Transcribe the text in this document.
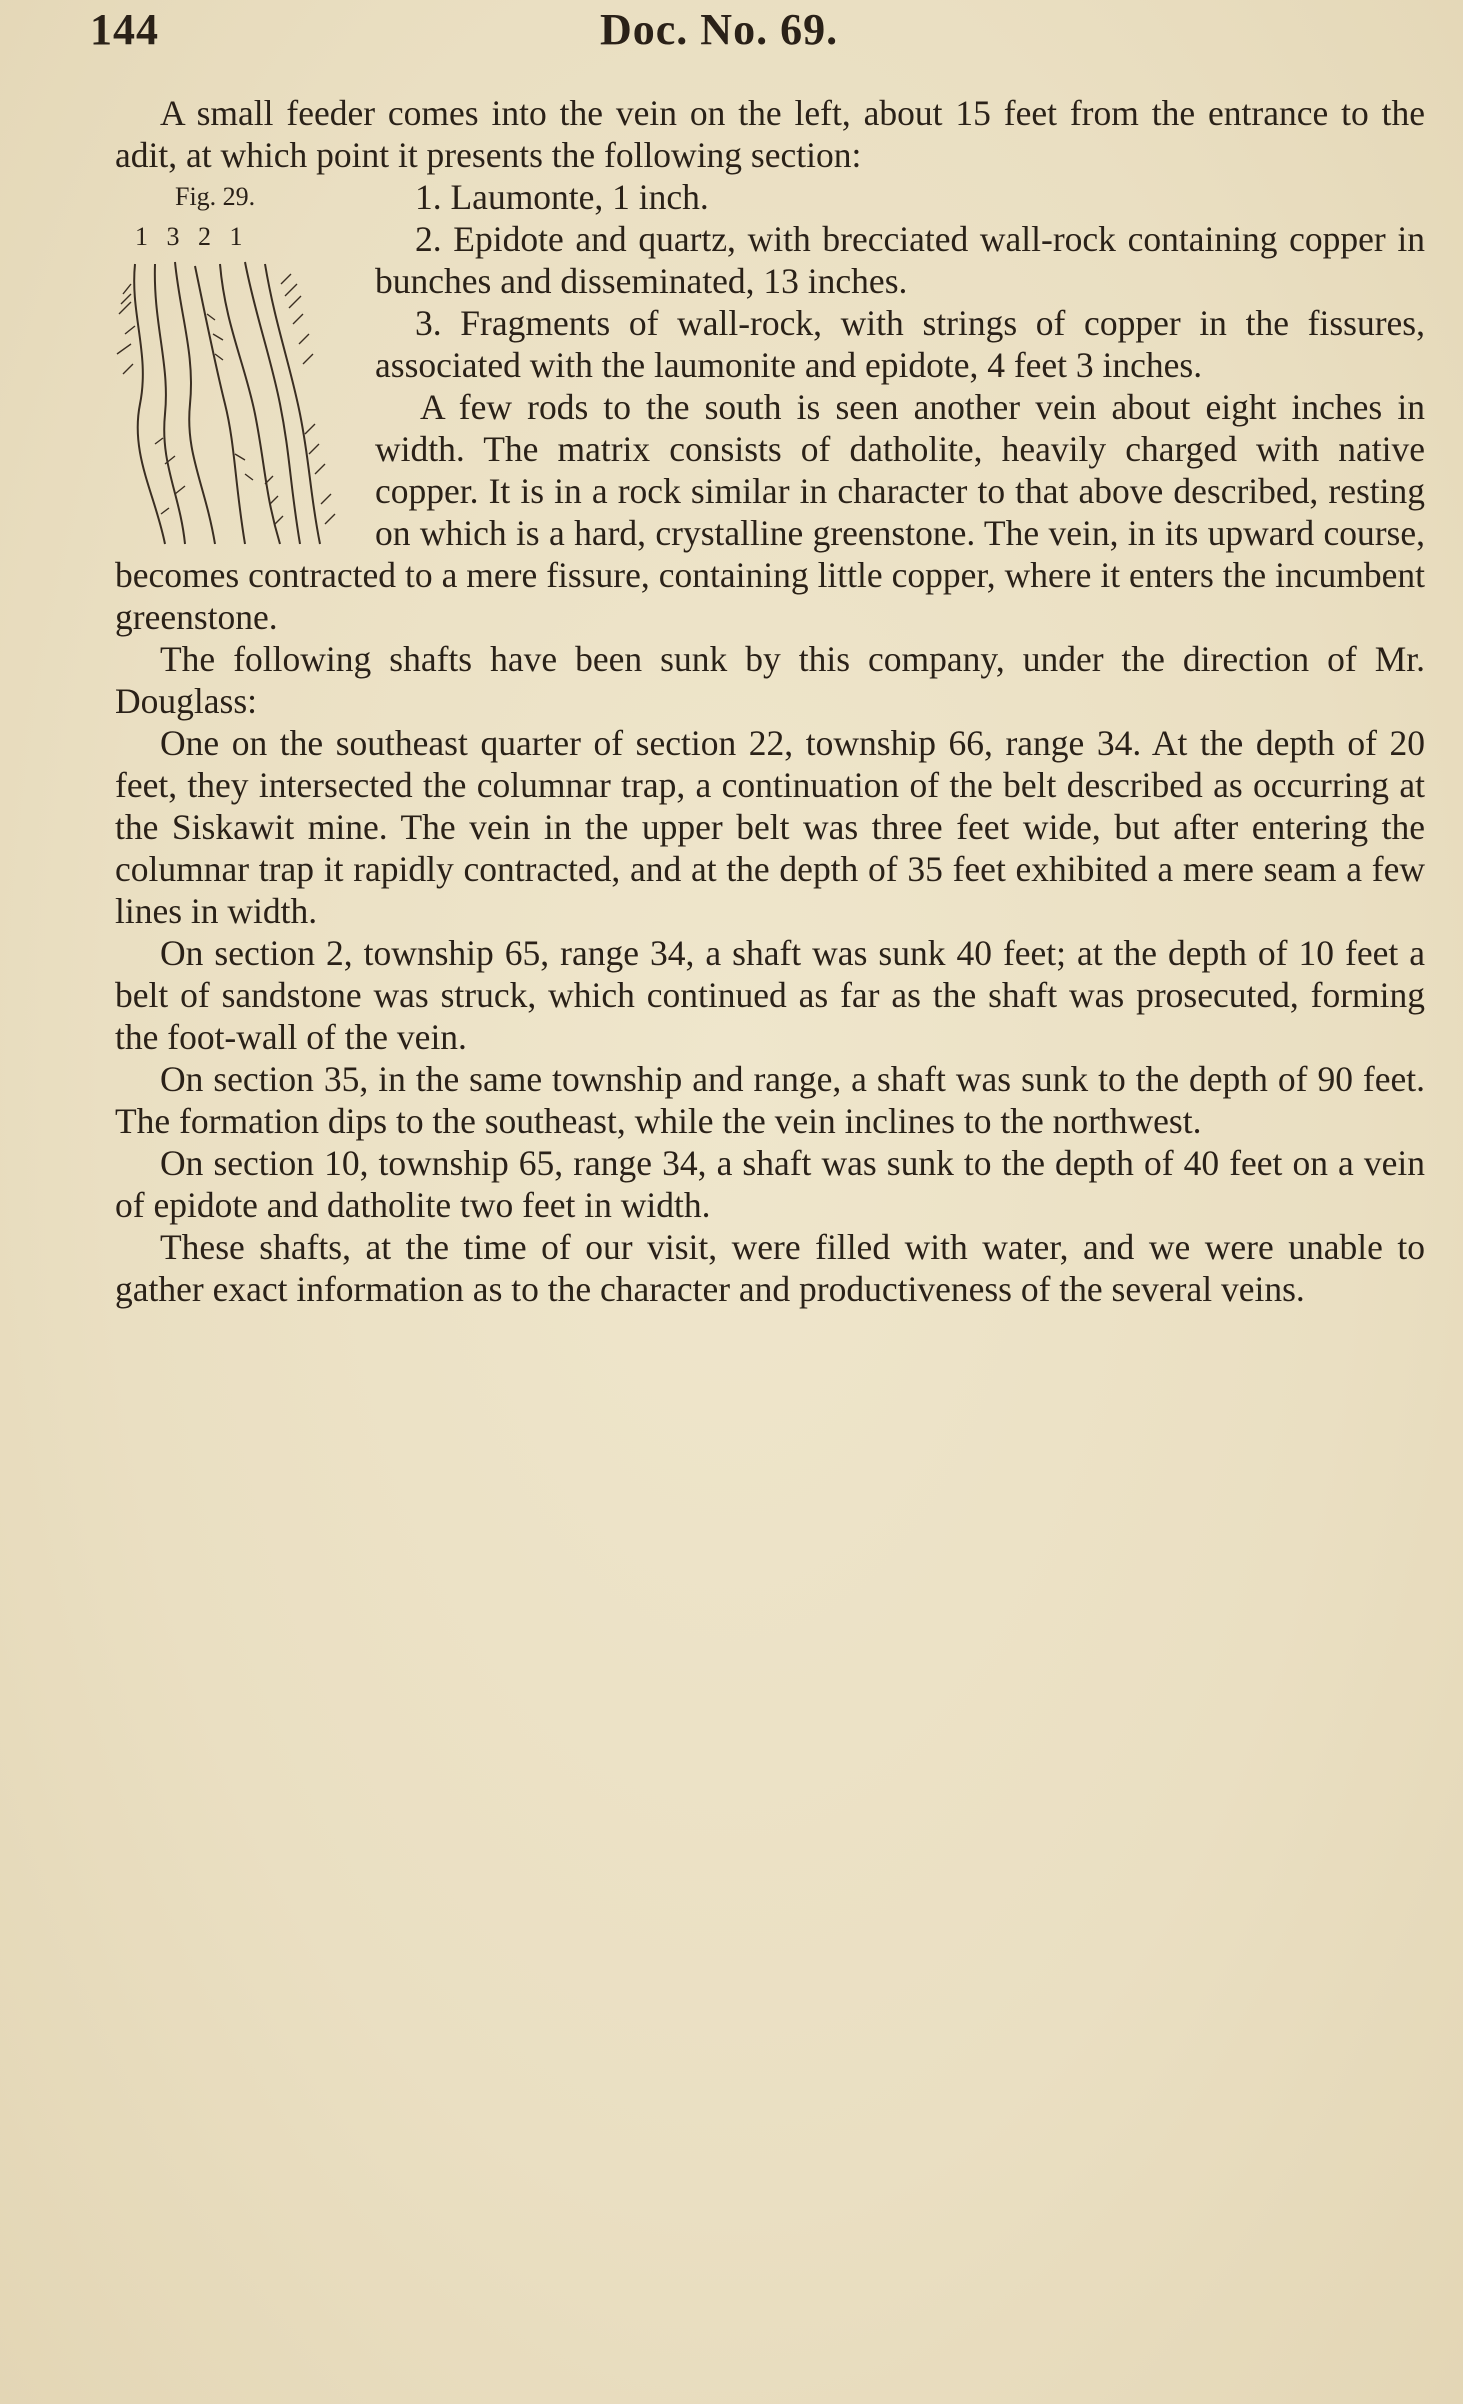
144	Doc. No. 69.

A small feeder comes into the vein on the left, about 15 feet from the entrance to the adit, at which point it presents the following section:

Fig. 29.
1 3 2 1

1. Laumonte, 1 inch.

2. Epidote and quartz, with brecciated wall-rock containing copper in bunches and disseminated, 13 inches.

3. Fragments of wall-rock, with strings of copper in the fissures, associated with the laumonite and epidote, 4 feet 3 inches.

A few rods to the south is seen another vein about eight inches in width. The matrix consists of datholite, heavily charged with native copper. It is in a rock similar in character to that above described, resting on which is a hard, crystalline greenstone. The vein, in its upward course, becomes contracted to a mere fissure, containing little copper, where it enters the incumbent greenstone.

The following shafts have been sunk by this company, under the direction of Mr. Douglass:

One on the southeast quarter of section 22, township 66, range 34. At the depth of 20 feet, they intersected the columnar trap, a continuation of the belt described as occurring at the Siskawit mine. The vein in the upper belt was three feet wide, but after entering the columnar trap it rapidly contracted, and at the depth of 35 feet exhibited a mere seam a few lines in width.

On section 2, township 65, range 34, a shaft was sunk 40 feet; at the depth of 10 feet a belt of sandstone was struck, which continued as far as the shaft was prosecuted, forming the foot-wall of the vein.

On section 35, in the same township and range, a shaft was sunk to the depth of 90 feet. The formation dips to the southeast, while the vein inclines to the northwest.

On section 10, township 65, range 34, a shaft was sunk to the depth of 40 feet on a vein of epidote and datholite two feet in width.

These shafts, at the time of our visit, were filled with water, and we were unable to gather exact information as to the character and productiveness of the several veins.
